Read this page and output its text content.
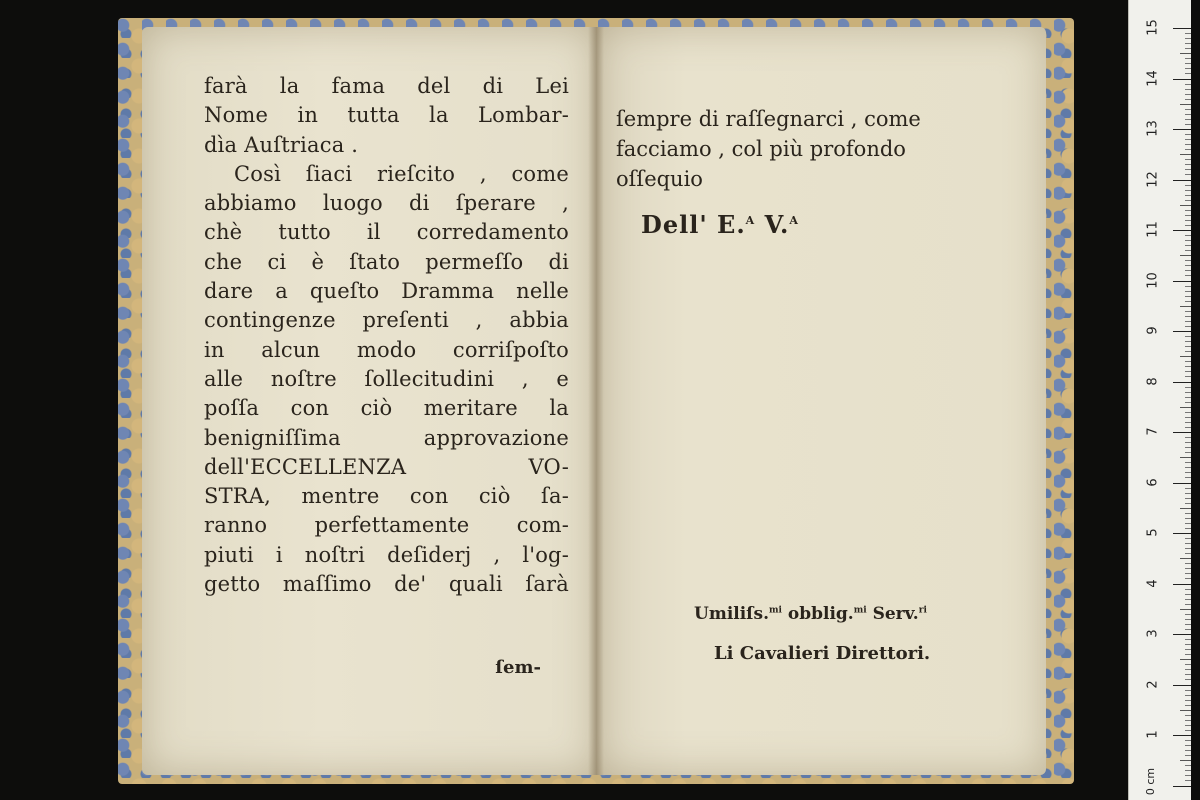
farà la fama del di Lei
Nome in tutta la Lombar-
dìa Auſtriaca .
Così ſiaci rieſcito , come
abbiamo luogo di ſperare ,
chè tutto il corredamento
che ci è ſtato permeſſo di
dare a queſto Dramma nelle
contingenze preſenti , abbia
in alcun modo corriſpoſto
alle noſtre ſollecitudini , e
poſſa con ciò meritare la
benigniſſima approvazione
dell'ECCELLENZA VO-
STRA, mentre con ciò ſa-
ranno perfettamente com-
piuti i noſtri deſiderj , l'og-
getto maſſimo de' quali ſarà
ſem-
ſempre di raſſegnarci , come
facciamo , col più profondo
oſſequio
Dell' E.$^A$ V.$^A$
Umiliſs.$^{mi}$ obblig.$^{mi}$ Serv.$^{ri}$
Li Cavalieri Direttori.
0 cm
15
14
13
12
11
10
9
8
7
6
5
4
3
2
1
